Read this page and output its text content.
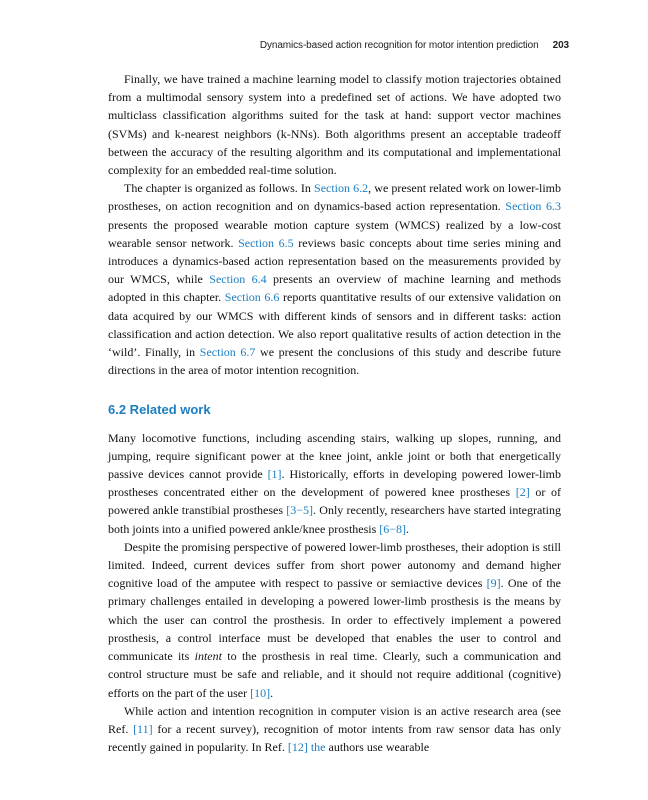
Dynamics-based action recognition for motor intention prediction 203

Finally, we have trained a machine learning model to classify motion trajectories obtained from a multimodal sensory system into a predefined set of actions. We have adopted two multiclass classification algorithms suited for the task at hand: support vector machines (SVMs) and k-nearest neighbors (k-NNs). Both algorithms present an acceptable tradeoff between the accuracy of the resulting algorithm and its computational and implementational complexity for an embedded real-time solution.

The chapter is organized as follows. In Section 6.2, we present related work on lower-limb prostheses, on action recognition and on dynamics-based action representation. Section 6.3 presents the proposed wearable motion capture system (WMCS) realized by a low-cost wearable sensor network. Section 6.5 reviews basic concepts about time series mining and introduces a dynamics-based action representation based on the measurements provided by our WMCS, while Section 6.4 presents an overview of machine learning and methods adopted in this chapter. Section 6.6 reports quantitative results of our extensive validation on data acquired by our WMCS with different kinds of sensors and in different tasks: action classification and action detection. We also report qualitative results of action detection in the ‘wild’. Finally, in Section 6.7 we present the conclusions of this study and describe future directions in the area of motor intention recognition.

6.2 Related work

Many locomotive functions, including ascending stairs, walking up slopes, running, and jumping, require significant power at the knee joint, ankle joint or both that energetically passive devices cannot provide [1]. Historically, efforts in developing powered lower-limb prostheses concentrated either on the development of powered knee prostheses [2] or of powered ankle transtibial prostheses [3−5]. Only recently, researchers have started integrating both joints into a unified powered ankle/knee prosthesis [6−8].

Despite the promising perspective of powered lower-limb prostheses, their adoption is still limited. Indeed, current devices suffer from short power autonomy and demand higher cognitive load of the amputee with respect to passive or semiactive devices [9]. One of the primary challenges entailed in developing a powered lower-limb prosthesis is the means by which the user can control the prosthesis. In order to effectively implement a powered prosthesis, a control interface must be developed that enables the user to control and communicate its intent to the prosthesis in real time. Clearly, such a communication and control structure must be safe and reliable, and it should not require additional (cognitive) efforts on the part of the user [10].

While action and intention recognition in computer vision is an active research area (see Ref. [11] for a recent survey), recognition of motor intents from raw sensor data has only recently gained in popularity. In Ref. [12] the authors use wearable
